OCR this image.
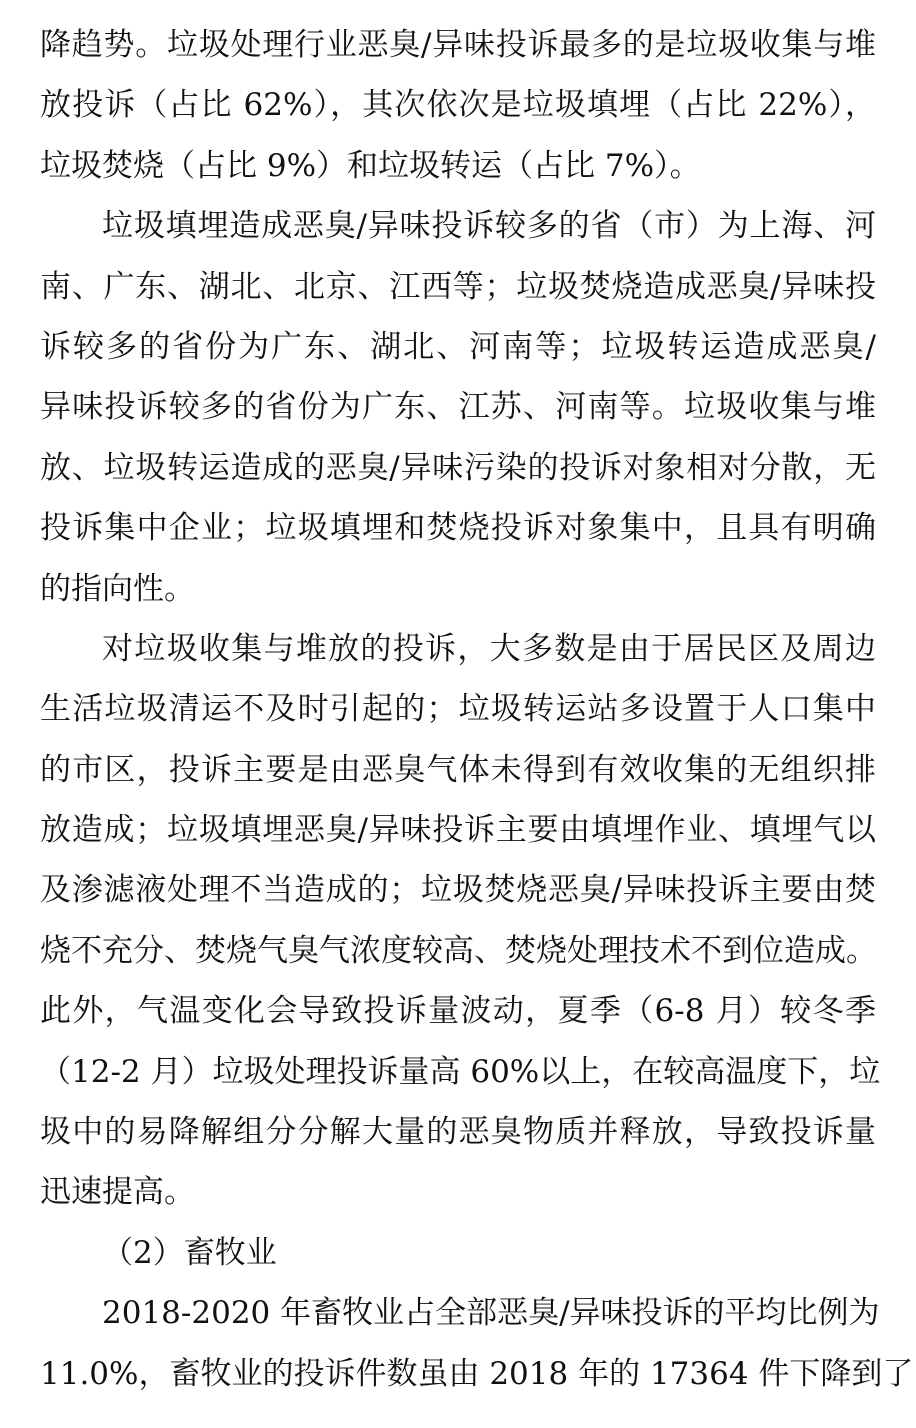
降趋势。垃圾处理行业恶臭/异味投诉最多的是垃圾收集与堆
放投诉（占比 62%），其次依次是垃圾填埋（占比 22%），
垃圾焚烧（占比 9%）和垃圾转运（占比 7%）。
垃圾填埋造成恶臭/异味投诉较多的省（市）为上海、河
南、广东、湖北、北京、江西等；垃圾焚烧造成恶臭/异味投
诉较多的省份为广东、湖北、河南等；垃圾转运造成恶臭/
异味投诉较多的省份为广东、江苏、河南等。垃圾收集与堆
放、垃圾转运造成的恶臭/异味污染的投诉对象相对分散，无
投诉集中企业；垃圾填埋和焚烧投诉对象集中，且具有明确
的指向性。
对垃圾收集与堆放的投诉，大多数是由于居民区及周边
生活垃圾清运不及时引起的；垃圾转运站多设置于人口集中
的市区，投诉主要是由恶臭气体未得到有效收集的无组织排
放造成；垃圾填埋恶臭/异味投诉主要由填埋作业、填埋气以
及渗滤液处理不当造成的；垃圾焚烧恶臭/异味投诉主要由焚
烧不充分、焚烧气臭气浓度较高、焚烧处理技术不到位造成。
此外，气温变化会导致投诉量波动，夏季（6-8 月）较冬季
（12-2 月）垃圾处理投诉量高 60%以上，在较高温度下，垃
圾中的易降解组分分解大量的恶臭物质并释放，导致投诉量
迅速提高。
（2）畜牧业
2018-2020 年畜牧业占全部恶臭/异味投诉的平均比例为
11.0%，畜牧业的投诉件数虽由 2018 年的 17364 件下降到了
